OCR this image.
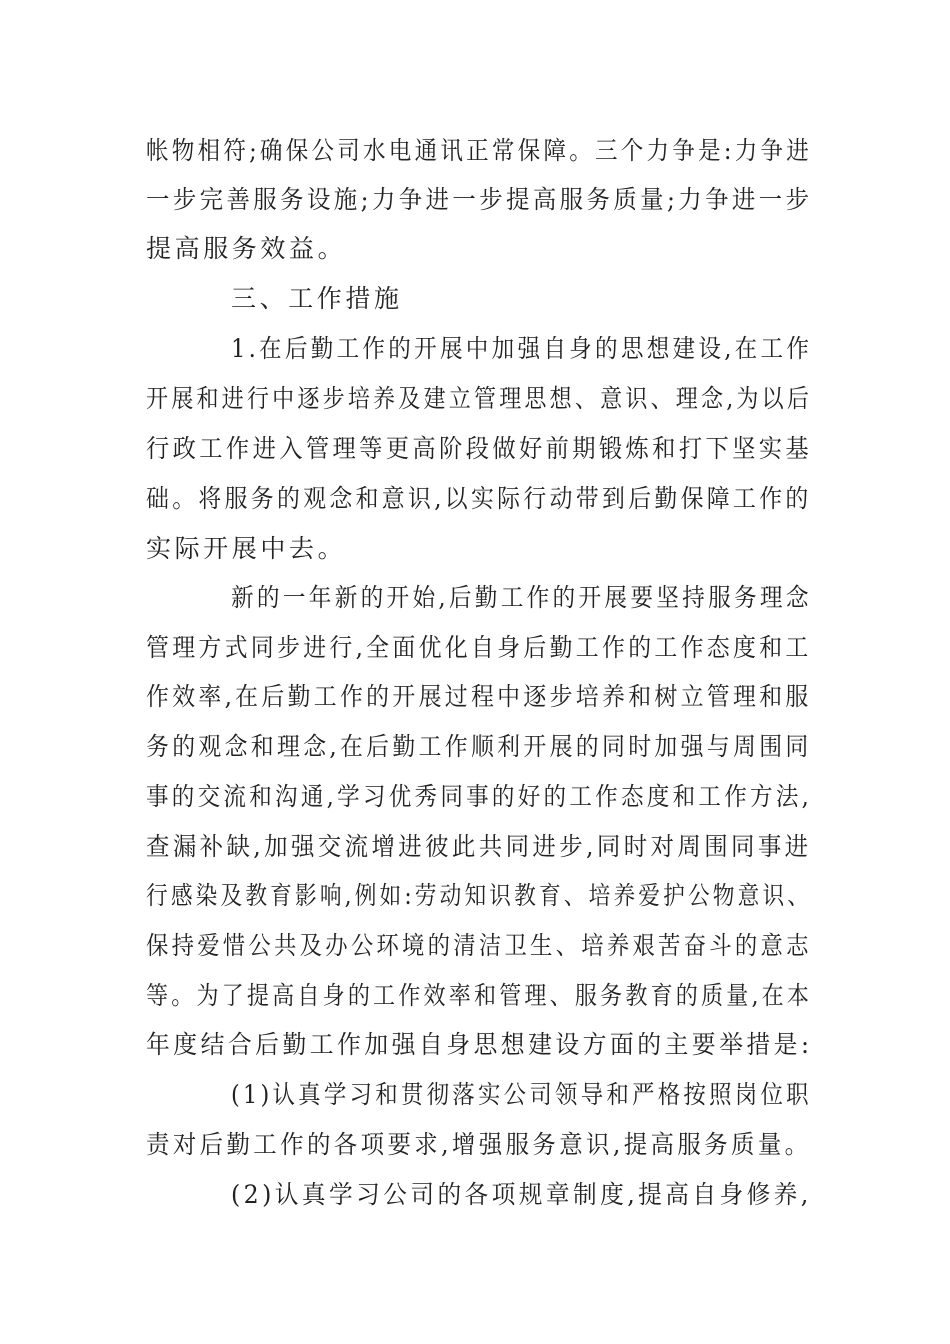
帐物相符;确保公司水电通讯正常保障。三个力争是:力争进
一步完善服务设施;力争进一步提高服务质量;力争进一步
提高服务效益。
三、工作措施
1.在后勤工作的开展中加强自身的思想建设,在工作
开展和进行中逐步培养及建立管理思想、意识、理念,为以后
行政工作进入管理等更高阶段做好前期锻炼和打下坚实基
础。将服务的观念和意识,以实际行动带到后勤保障工作的
实际开展中去。
新的一年新的开始,后勤工作的开展要坚持服务理念
管理方式同步进行,全面优化自身后勤工作的工作态度和工
作效率,在后勤工作的开展过程中逐步培养和树立管理和服
务的观念和理念,在后勤工作顺利开展的同时加强与周围同
事的交流和沟通,学习优秀同事的好的工作态度和工作方法,
查漏补缺,加强交流增进彼此共同进步,同时对周围同事进
行感染及教育影响,例如:劳动知识教育、培养爱护公物意识、
保持爱惜公共及办公环境的清洁卫生、培养艰苦奋斗的意志
等。为了提高自身的工作效率和管理、服务教育的质量,在本
年度结合后勤工作加强自身思想建设方面的主要举措是:
(1)认真学习和贯彻落实公司领导和严格按照岗位职
责对后勤工作的各项要求,增强服务意识,提高服务质量。
(2)认真学习公司的各项规章制度,提高自身修养,
